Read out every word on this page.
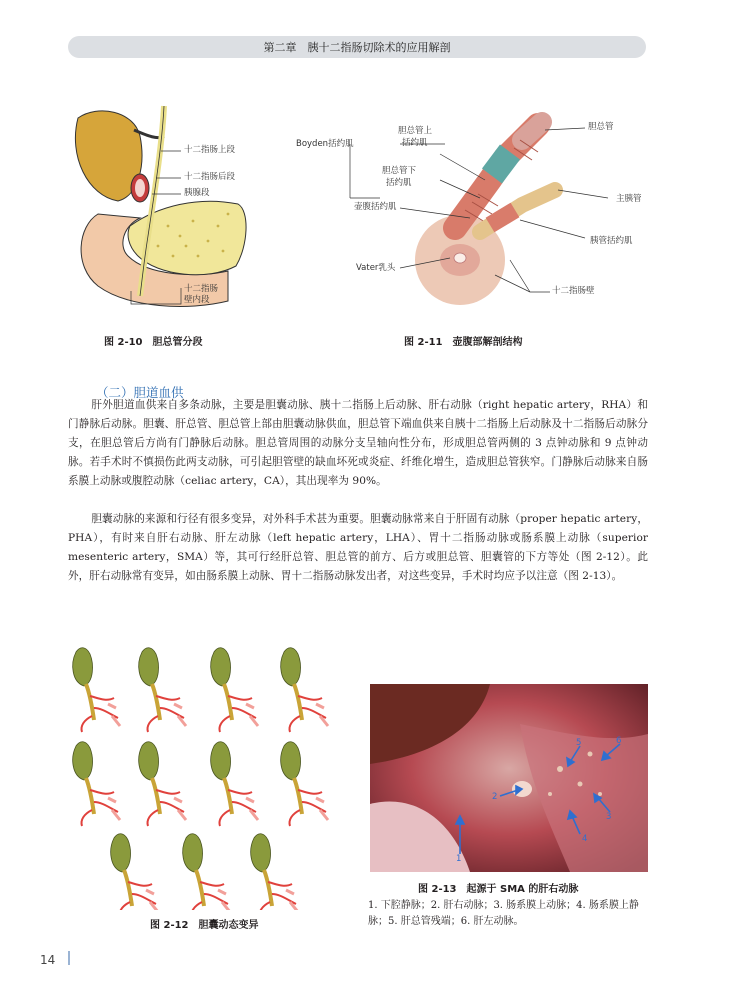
第二章　胰十二指肠切除术的应用解剖
十二指肠上段
十二指肠后段
胰腺段
十二指肠
壁内段
图 2-10　胆总管分段
Boyden括约肌
胆总管上
括约肌
胆总管下
括约肌
壶腹括约肌
Vater乳头
胆总管
主胰管
胰管括约肌
十二指肠壁
图 2-11　壶腹部解剖结构
（二）胆道血供

肝外胆道血供来自多条动脉，主要是胆囊动脉、胰十二指肠上后动脉、肝右动脉（right hepatic artery，RHA）和门静脉后动脉。胆囊、肝总管、胆总管上部由胆囊动脉供血，胆总管下端血供来自胰十二指肠上后动脉及十二指肠后动脉分支，在胆总管后方尚有门静脉后动脉。胆总管周围的动脉分支呈轴向性分布，形成胆总管两侧的 3 点钟动脉和 9 点钟动脉。若手术时不慎损伤此两支动脉，可引起胆管壁的缺血坏死或炎症、纤维化增生，造成胆总管狭窄。门静脉后动脉来自肠系膜上动脉或腹腔动脉（celiac artery，CA），其出现率为 90%。

胆囊动脉的来源和行径有很多变异，对外科手术甚为重要。胆囊动脉常来自于肝固有动脉（proper hepatic artery，PHA），有时来自肝右动脉、肝左动脉（left hepatic artery，LHA）、胃十二指肠动脉或肠系膜上动脉（superior mesenteric artery，SMA）等，其可行经肝总管、胆总管的前方、后方或胆总管、胆囊管的下方等处（图 2-12）。此外，肝右动脉常有变异，如由肠系膜上动脉、胃十二指肠动脉发出者，对这些变异，手术时均应予以注意（图 2-13）。

图 2-12　胆囊动态变异
1
2
3
4
5	6
图 2-13　起源于 SMA 的肝右动脉
1. 下腔静脉；2. 肝右动脉；3. 肠系膜上动脉；4. 肠系膜上静脉；5. 肝总管残端；6. 肝左动脉。
14
